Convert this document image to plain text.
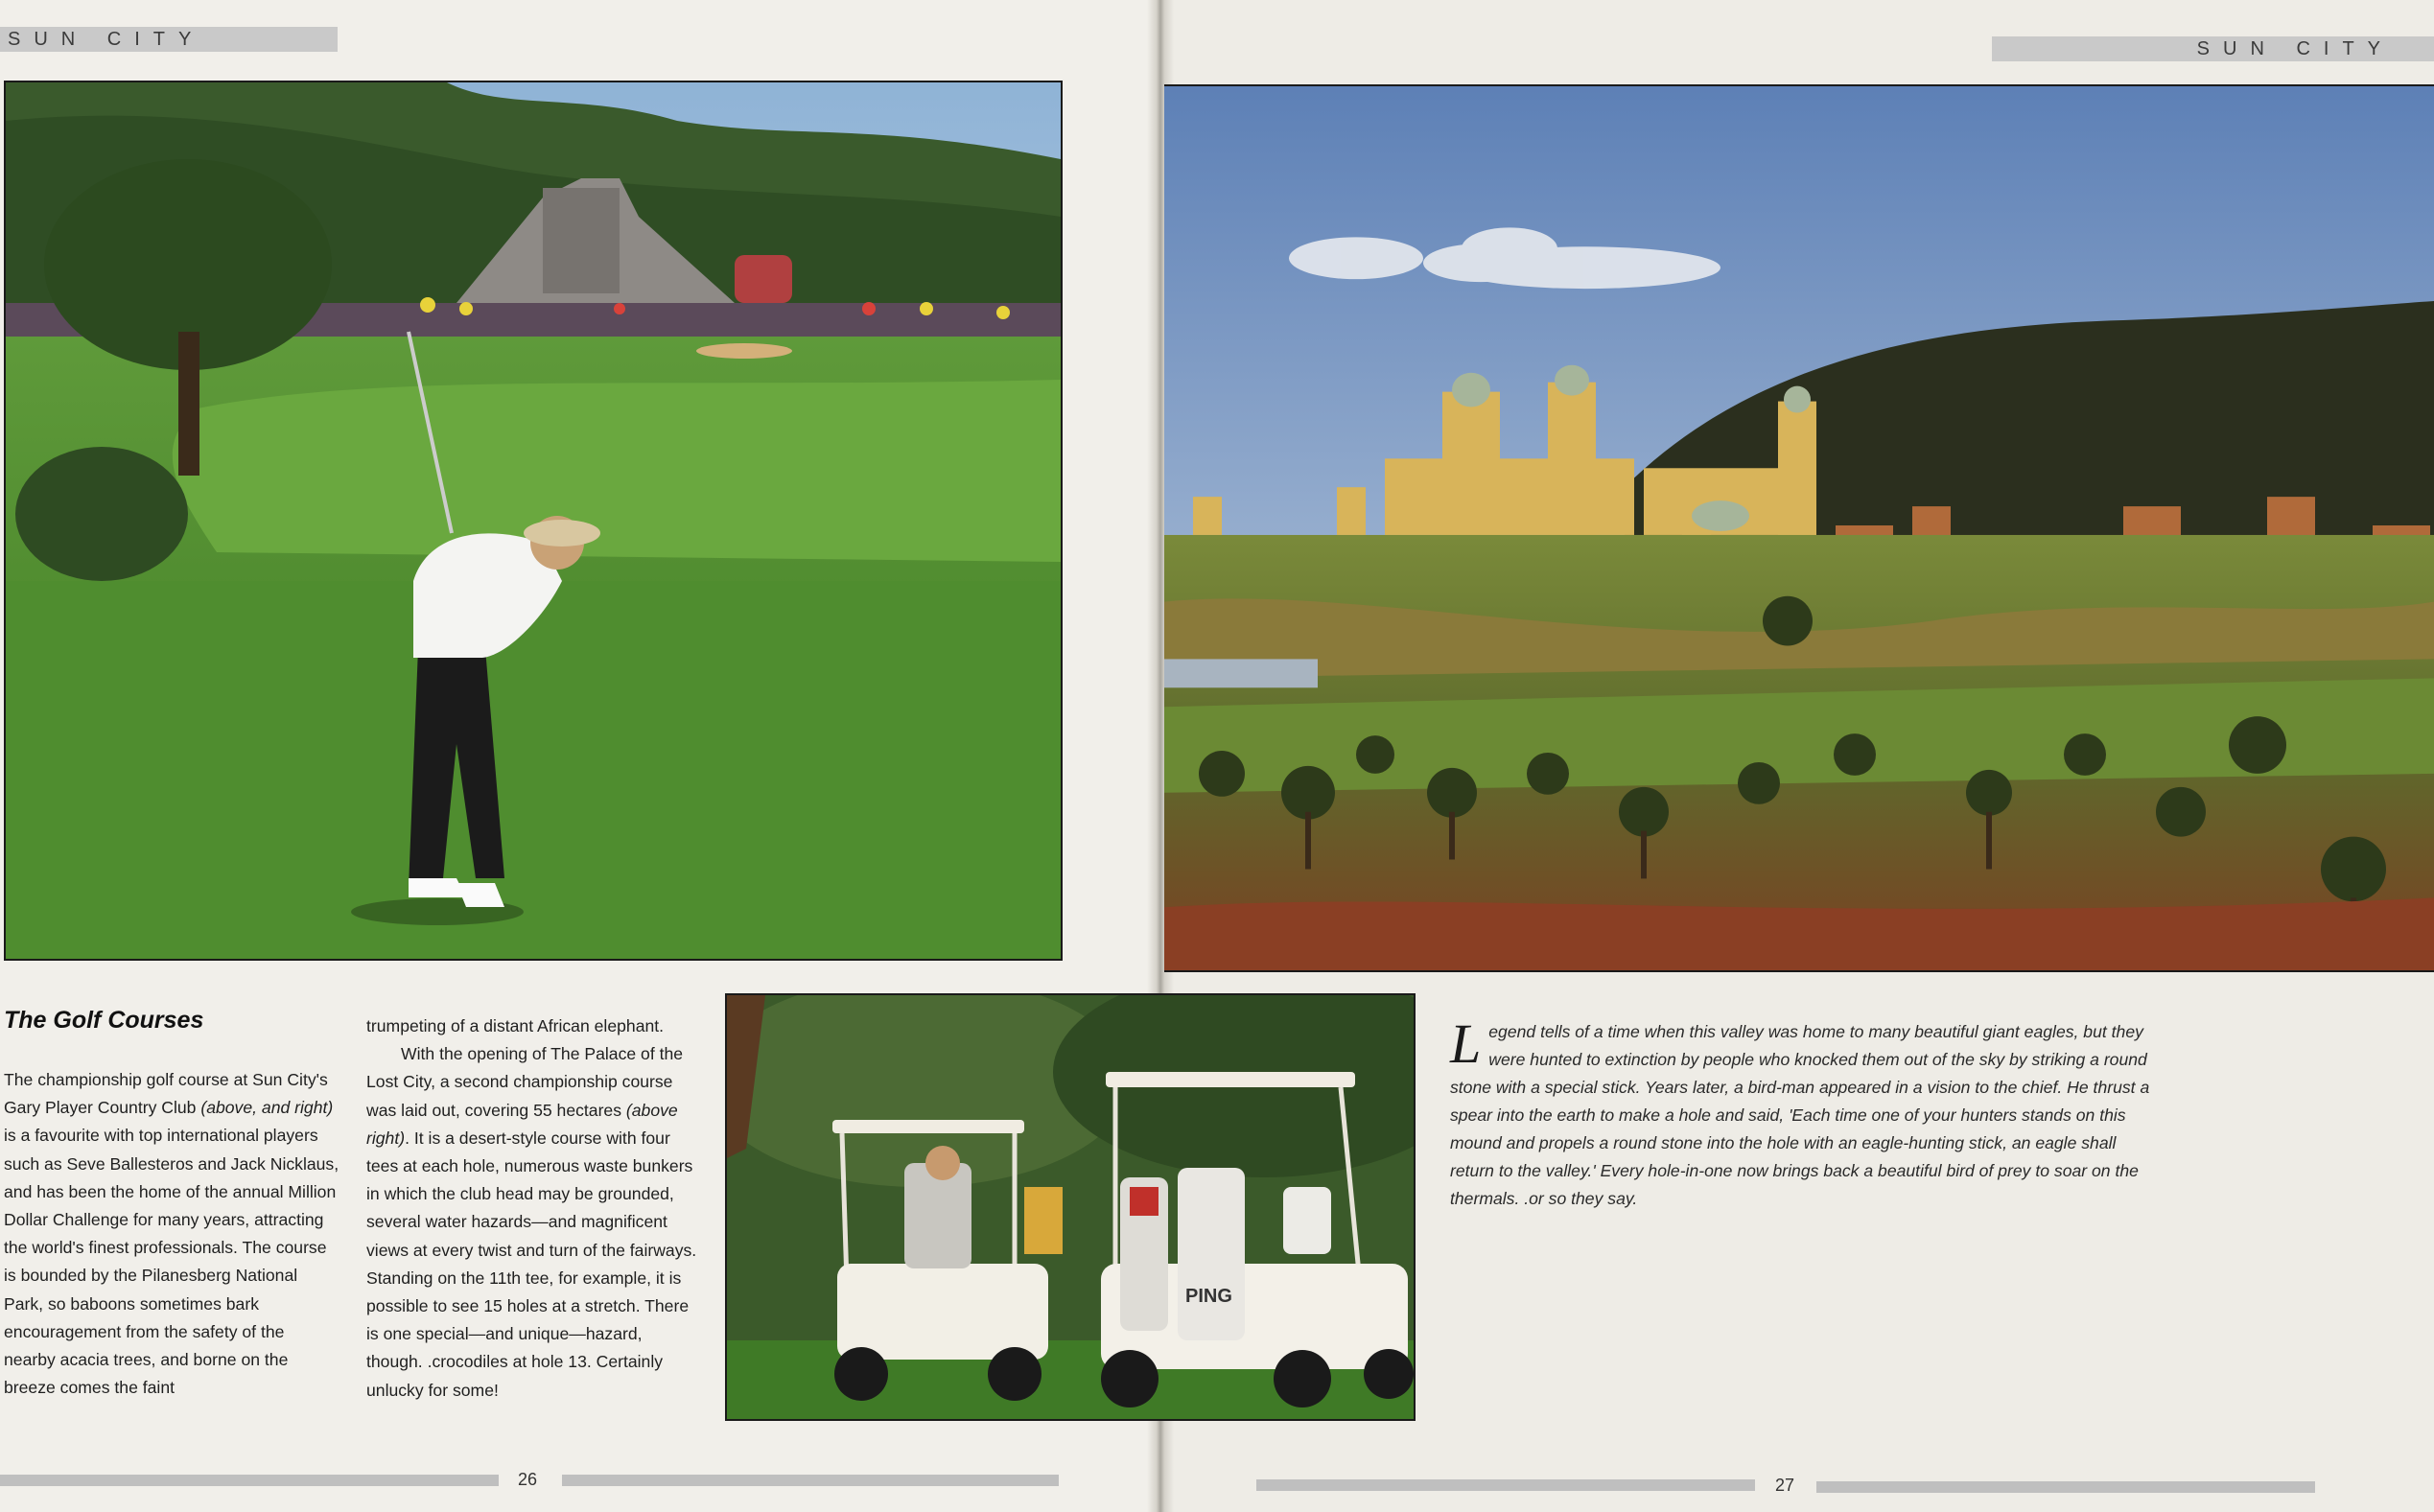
SUN CITY	SUN CITY
PING
The Golf Courses

The championship golf course at Sun City's Gary Player Country Club (above, and right) is a favourite with top international players such as Seve Ballesteros and Jack Nicklaus, and has been the home of the annual Million Dollar Challenge for many years, attracting the world's finest professionals. The course is bounded by the Pilanesberg National Park, so baboons sometimes bark encouragement from the safety of the nearby acacia trees, and borne on the breeze comes the faint

trumpeting of a distant African elephant.
With the opening of The Palace of the Lost City, a second championship course was laid out, covering 55 hectares (above right). It is a desert-style course with four tees at each hole, numerous waste bunkers in which the club head may be grounded, several water hazards—and magnificent views at every twist and turn of the fairways. Standing on the 11th tee, for example, it is possible to see 15 holes at a stretch. There is one special—and unique—hazard, though. .crocodiles at hole 13. Certainly unlucky for some!
Legend tells of a time when this valley was home to many beautiful giant eagles, but they were hunted to extinction by people who knocked them out of the sky by striking a round stone with a special stick. Years later, a bird-man appeared in a vision to the chief. He thrust a spear into the earth to make a hole and said, 'Each time one of your hunters stands on this mound and propels a round stone into the hole with an eagle-hunting stick, an eagle shall return to the valley.' Every hole-in-one now brings back a beautiful bird of prey to soar on the thermals. .or so they say.
26	27
